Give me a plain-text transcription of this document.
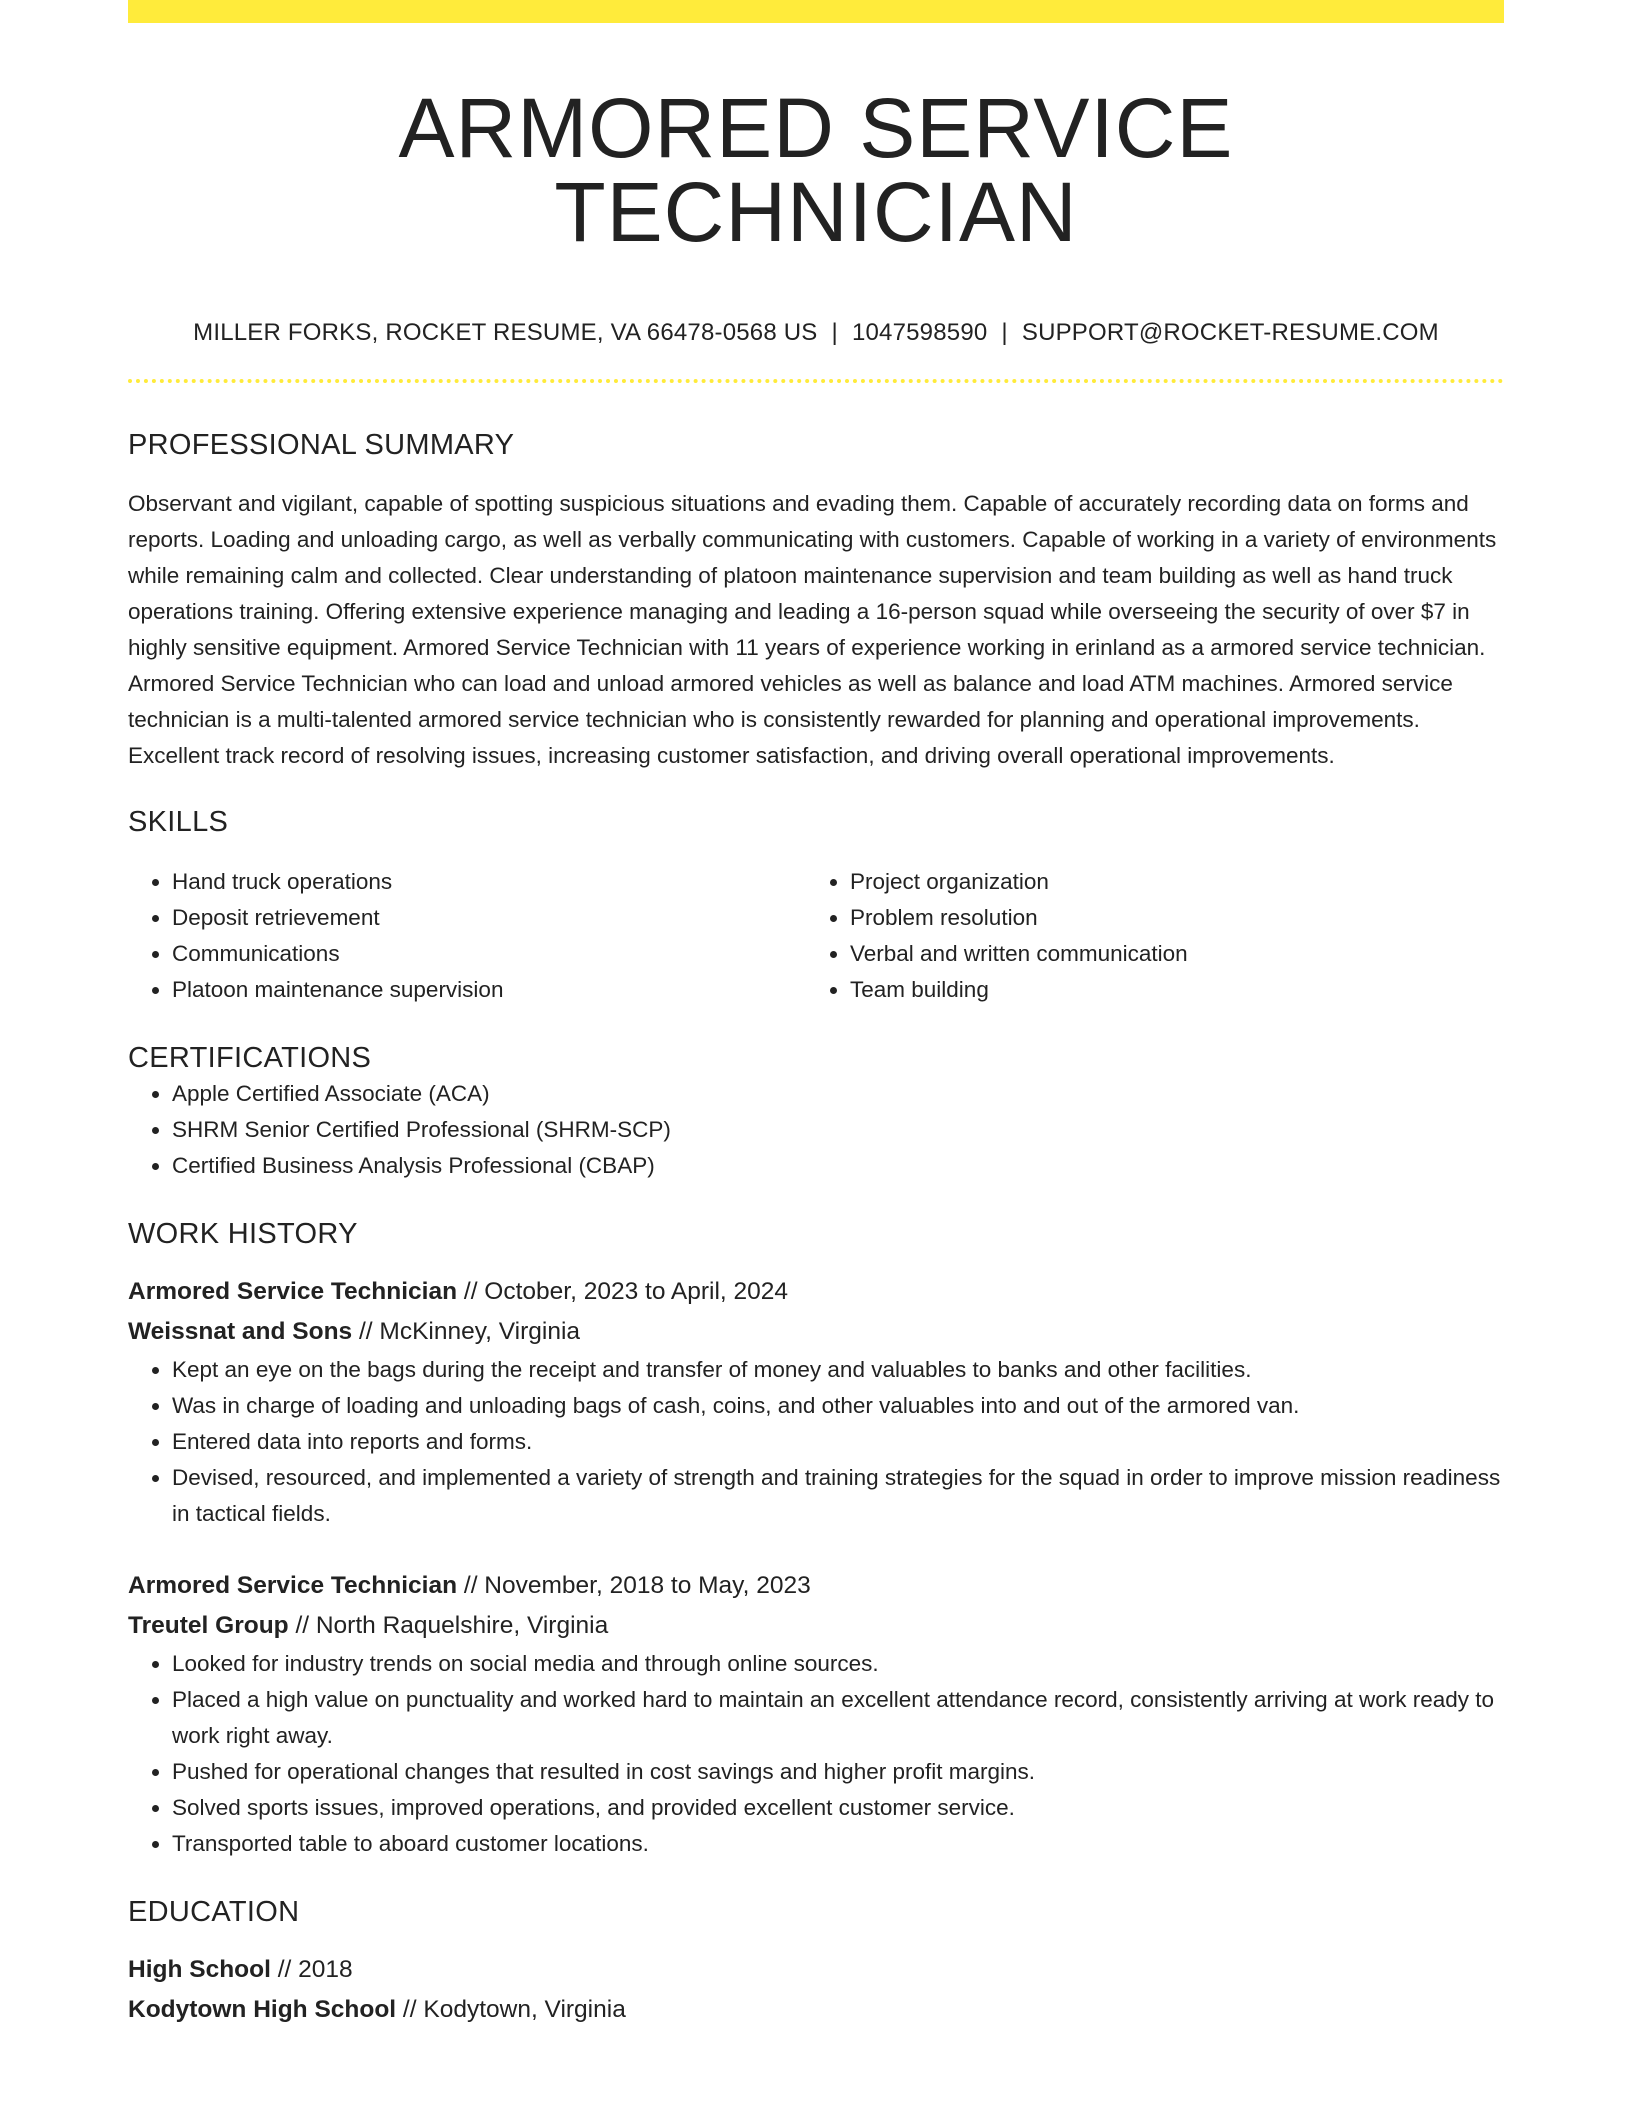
ARMORED SERVICE TECHNICIAN
MILLER FORKS, ROCKET RESUME, VA 66478-0568 US | 1047598590 | SUPPORT@ROCKET-RESUME.COM
PROFESSIONAL SUMMARY

Observant and vigilant, capable of spotting suspicious situations and evading them. Capable of accurately recording data on forms and reports. Loading and unloading cargo, as well as verbally communicating with customers. Capable of working in a variety of environments while remaining calm and collected. Clear understanding of platoon maintenance supervision and team building as well as hand truck operations training. Offering extensive experience managing and leading a 16-person squad while overseeing the security of over $7 in highly sensitive equipment. Armored Service Technician with 11 years of experience working in erinland as a armored service technician. Armored Service Technician who can load and unload armored vehicles as well as balance and load ATM machines. Armored service technician is a multi-talented armored service technician who is consistently rewarded for planning and operational improvements. Excellent track record of resolving issues, increasing customer satisfaction, and driving overall operational improvements.

SKILLS
• Hand truck operations
• Deposit retrievement
• Communications
• Platoon maintenance supervision
• Project organization
• Problem resolution
• Verbal and written communication
• Team building
CERTIFICATIONS
• Apple Certified Associate (ACA)
• SHRM Senior Certified Professional (SHRM-SCP)
• Certified Business Analysis Professional (CBAP)
WORK HISTORY
Armored Service Technician // October, 2023 to April, 2024
Weissnat and Sons // McKinney, Virginia
• Kept an eye on the bags during the receipt and transfer of money and valuables to banks and other facilities.
• Was in charge of loading and unloading bags of cash, coins, and other valuables into and out of the armored van.
• Entered data into reports and forms.
• Devised, resourced, and implemented a variety of strength and training strategies for the squad in order to improve mission readiness in tactical fields.
Armored Service Technician // November, 2018 to May, 2023
Treutel Group // North Raquelshire, Virginia
• Looked for industry trends on social media and through online sources.
• Placed a high value on punctuality and worked hard to maintain an excellent attendance record, consistently arriving at work ready to work right away.
• Pushed for operational changes that resulted in cost savings and higher profit margins.
• Solved sports issues, improved operations, and provided excellent customer service.
• Transported table to aboard customer locations.
EDUCATION
High School // 2018
Kodytown High School // Kodytown, Virginia
